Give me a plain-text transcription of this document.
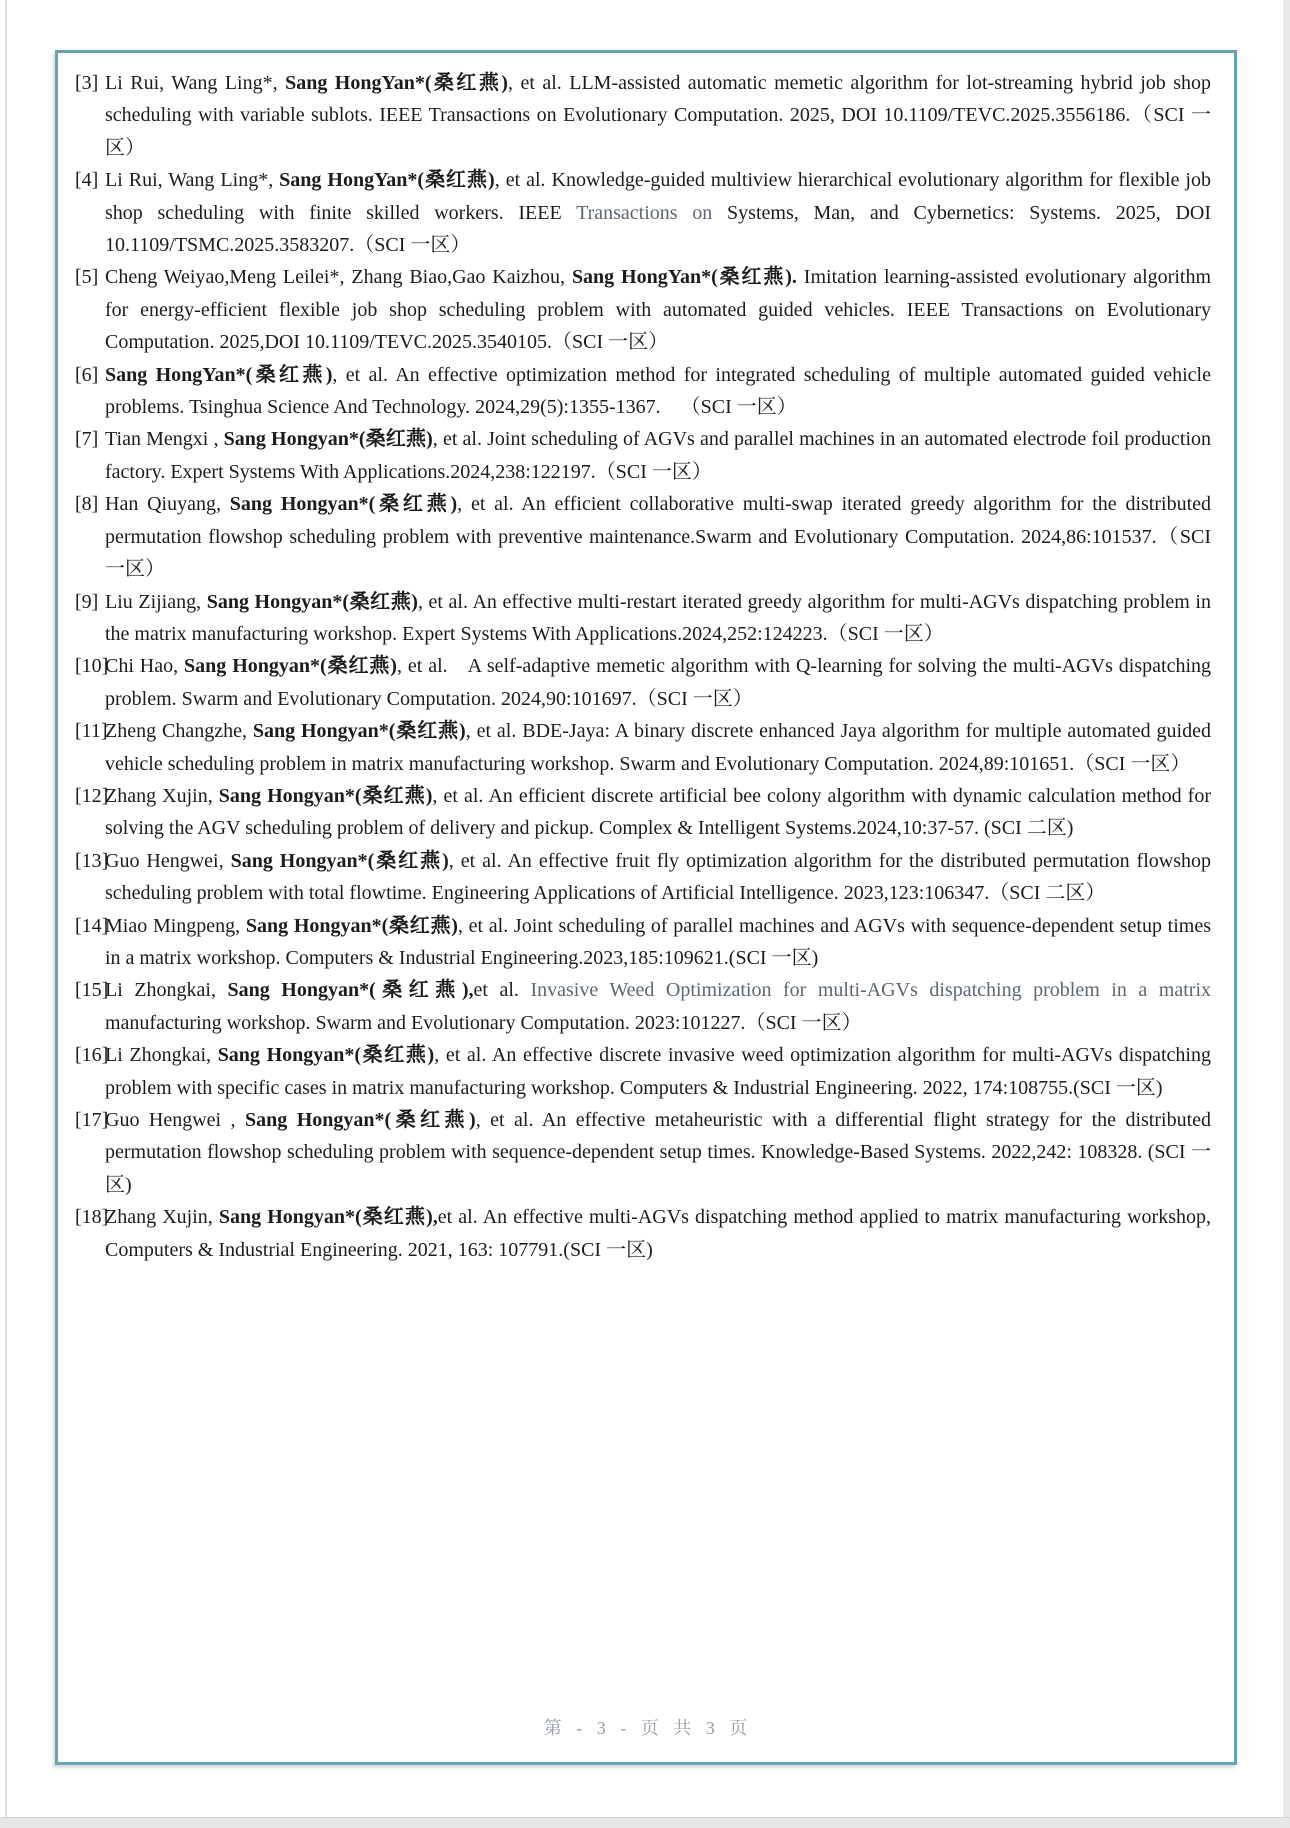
[3] Li Rui, Wang Ling*, Sang HongYan*(桑红燕), et al. LLM-assisted automatic memetic algorithm for lot-streaming hybrid job shop scheduling with variable sublots. IEEE Transactions on Evolutionary Computation. 2025, DOI 10.1109/TEVC.2025.3556186.（SCI 一区）
[4] Li Rui, Wang Ling*, Sang HongYan*(桑红燕), et al. Knowledge-guided multiview hierarchical evolutionary algorithm for flexible job shop scheduling with finite skilled workers. IEEE Transactions on Systems, Man, and Cybernetics: Systems. 2025, DOI 10.1109/TSMC.2025.3583207.（SCI 一区）
[5] Cheng Weiyao,Meng Leilei*, Zhang Biao,Gao Kaizhou, Sang HongYan*(桑红燕). Imitation learning-assisted evolutionary algorithm for energy-efficient flexible job shop scheduling problem with automated guided vehicles. IEEE Transactions on Evolutionary Computation. 2025,DOI 10.1109/TEVC.2025.3540105.（SCI 一区）
[6] Sang HongYan*(桑红燕), et al. An effective optimization method for integrated scheduling of multiple automated guided vehicle problems. Tsinghua Science And Technology. 2024,29(5):1355-1367. （SCI 一区）
[7] Tian Mengxi , Sang Hongyan*(桑红燕), et al. Joint scheduling of AGVs and parallel machines in an automated electrode foil production factory. Expert Systems With Applications.2024,238:122197.（SCI 一区）
[8] Han Qiuyang, Sang Hongyan*(桑红燕), et al. An efficient collaborative multi-swap iterated greedy algorithm for the distributed permutation flowshop scheduling problem with preventive maintenance.Swarm and Evolutionary Computation. 2024,86:101537.（SCI 一区）
[9] Liu Zijiang, Sang Hongyan*(桑红燕), et al. An effective multi-restart iterated greedy algorithm for multi-AGVs dispatching problem in the matrix manufacturing workshop. Expert Systems With Applications.2024,252:124223.（SCI 一区）
[10]
Chi Hao, Sang Hongyan*(桑红燕), et al. A self-adaptive memetic algorithm with Q-learning for solving the multi-AGVs dispatching problem. Swarm and Evolutionary Computation. 2024,90:101697.（SCI 一区）
[11]
Zheng Changzhe, Sang Hongyan*(桑红燕), et al. BDE-Jaya: A binary discrete enhanced Jaya algorithm for multiple automated guided vehicle scheduling problem in matrix manufacturing workshop. Swarm and Evolutionary Computation. 2024,89:101651.（SCI 一区）
[12]
Zhang Xujin, Sang Hongyan*(桑红燕), et al. An efficient discrete artificial bee colony algorithm with dynamic calculation method for solving the AGV scheduling problem of delivery and pickup. Complex & Intelligent Systems.2024,10:37-57. (SCI 二区)
[13]
Guo Hengwei, Sang Hongyan*(桑红燕), et al. An effective fruit fly optimization algorithm for the distributed permutation flowshop scheduling problem with total flowtime. Engineering Applications of Artificial Intelligence. 2023,123:106347.（SCI 二区）
[14]
Miao Mingpeng, Sang Hongyan*(桑红燕), et al. Joint scheduling of parallel machines and AGVs with sequence-dependent setup times in a matrix workshop. Computers & Industrial Engineering.2023,185:109621.(SCI 一区)
[15]
Li Zhongkai, Sang Hongyan*(桑红燕),et al. Invasive Weed Optimization for multi-AGVs dispatching problem in a matrix manufacturing workshop. Swarm and Evolutionary Computation. 2023:101227.（SCI 一区）
[16]
Li Zhongkai, Sang Hongyan*(桑红燕), et al. An effective discrete invasive weed optimization algorithm for multi-AGVs dispatching problem with specific cases in matrix manufacturing workshop. Computers & Industrial Engineering. 2022, 174:108755.(SCI 一区)
[17]
Guo Hengwei , Sang Hongyan*(桑红燕), et al. An effective metaheuristic with a differential flight strategy for the distributed permutation flowshop scheduling problem with sequence-dependent setup times. Knowledge-Based Systems. 2022,242: 108328. (SCI 一区)
[18]
Zhang Xujin, Sang Hongyan*(桑红燕),et al. An effective multi-AGVs dispatching method applied to matrix manufacturing workshop, Computers & Industrial Engineering. 2021, 163: 107791.(SCI 一区)
第 - 3 - 页 共 3 页
